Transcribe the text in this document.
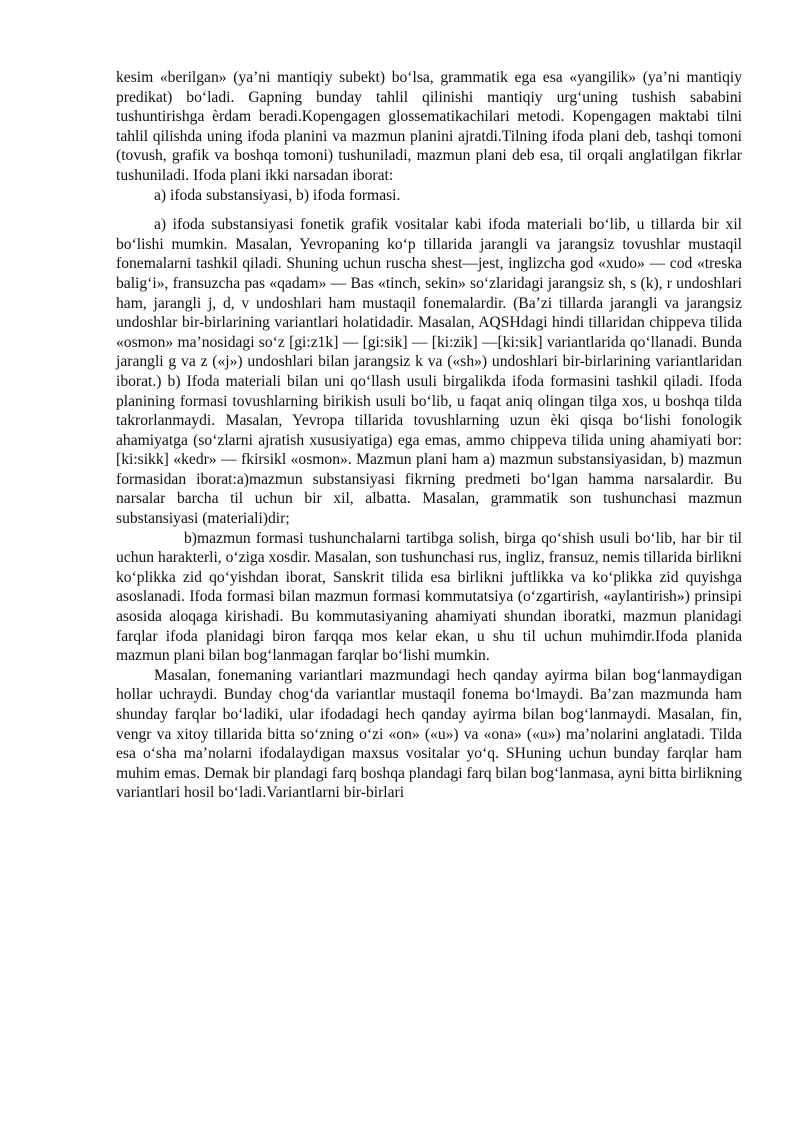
kesim «berilgan» (ya’ni mantiqiy subekt) bo‘lsa, grammatik ega esa «yangilik» (ya’ni mantiqiy predikat) bo‘ladi. Gapning bunday tahlil qilinishi mantiqiy urg‘uning tushish sababini tushuntirishga ѐrdam beradi.Kopengagen glossematikachilari metodi. Kopengagen maktabi tilni tahlil qilishda uning ifoda planini va mazmun planini ajratdi.Tilning ifoda plani deb, tashqi tomoni (tovush, grafik va boshqa tomoni) tushuniladi, mazmun plani deb esa, til orqali anglatilgan fikrlar tushuniladi. Ifoda plani ikki narsadan iborat:

a) ifoda substansiyasi, b) ifoda formasi.

a) ifoda substansiyasi fonetik grafik vositalar kabi ifoda materiali bo‘lib, u tillarda bir xil bo‘lishi mumkin. Masalan, Yevropaning ko‘p tillarida jarangli va jarangsiz tovushlar mustaqil fonemalarni tashkil qiladi. Shuning uchun ruscha shest—jest, inglizcha god «xudo» — cod «treska balig‘i», fransuzcha pas «qadam» — Bas «tinch, sekin» so‘zlaridagi jarangsiz sh, s (k), r undoshlari ham, jarangli j, d, v undoshlari ham mustaqil fonemalardir. (Ba’zi tillarda jarangli va jarangsiz undoshlar bir-birlarining variantlari holatidadir. Masalan, AQSHdagi hindi tillaridan chippeva tilida «osmon» ma’nosidagi so‘z [gi:z1k] — [gi:sik] — [ki:zik] —[ki:sik] variantlarida qo‘llanadi. Bunda jarangli g va z («j») undoshlari bilan jarangsiz k va («sh») undoshlari bir-birlarining variantlaridan iborat.) b) Ifoda materiali bilan uni qo‘llash usuli birgalikda ifoda formasini tashkil qiladi. Ifoda planining formasi tovushlarning birikish usuli bo‘lib, u faqat aniq olingan tilga xos, u boshqa tilda takrorlanmaydi. Masalan, Yevropa tillarida tovushlarning uzun ѐki qisqa bo‘lishi fonologik ahamiyatga (so‘zlarni ajratish xususiyatiga) ega emas, ammo chippeva tilida uning ahamiyati bor: [ki:sikk] «kedr» — fkirsikl «osmon». Mazmun plani ham a) mazmun substansiyasidan, b) mazmun formasidan iborat:a)mazmun substansiyasi fikrning predmeti bo‘lgan hamma narsalardir. Bu narsalar barcha til uchun bir xil, albatta. Masalan, grammatik son tushunchasi mazmun substansiyasi (materiali)dir;

b)mazmun formasi tushunchalarni tartibga solish, birga qo‘shish usuli bo‘lib, har bir til uchun harakterli, o‘ziga xosdir. Masalan, son tushunchasi rus, ingliz, fransuz, nemis tillarida birlikni ko‘plikka zid qo‘yishdan iborat, Sanskrit tilida esa birlikni juftlikka va ko‘plikka zid quyishga asoslanadi. Ifoda formasi bilan mazmun formasi kommutatsiya (o‘zgartirish, «aylantirish») prinsipi asosida aloqaga kirishadi. Bu kommutasiyaning ahamiyati shundan iboratki, mazmun planidagi farqlar ifoda planidagi biron farqqa mos kelar ekan, u shu til uchun muhimdir.Ifoda planida mazmun plani bilan bog‘lanmagan farqlar bo‘lishi mumkin.

Masalan, fonemaning variantlari mazmundagi hech qanday ayirma bilan bog‘lanmaydigan hollar uchraydi. Bunday chog‘da variantlar mustaqil fonema bo‘lmaydi. Ba’zan mazmunda ham shunday farqlar bo‘ladiki, ular ifodadagi hech qanday ayirma bilan bog‘lanmaydi. Masalan, fin, vengr va xitoy tillarida bitta so‘zning o‘zi «on» («u») va «ona» («u») ma’nolarini anglatadi. Tilda esa o‘sha ma’nolarni ifodalaydigan maxsus vositalar yo‘q. SHuning uchun bunday farqlar ham muhim emas. Demak bir plandagi farq boshqa plandagi farq bilan bog‘lanmasa, ayni bitta birlikning variantlari hosil bo‘ladi.Variantlarni bir-birlari
